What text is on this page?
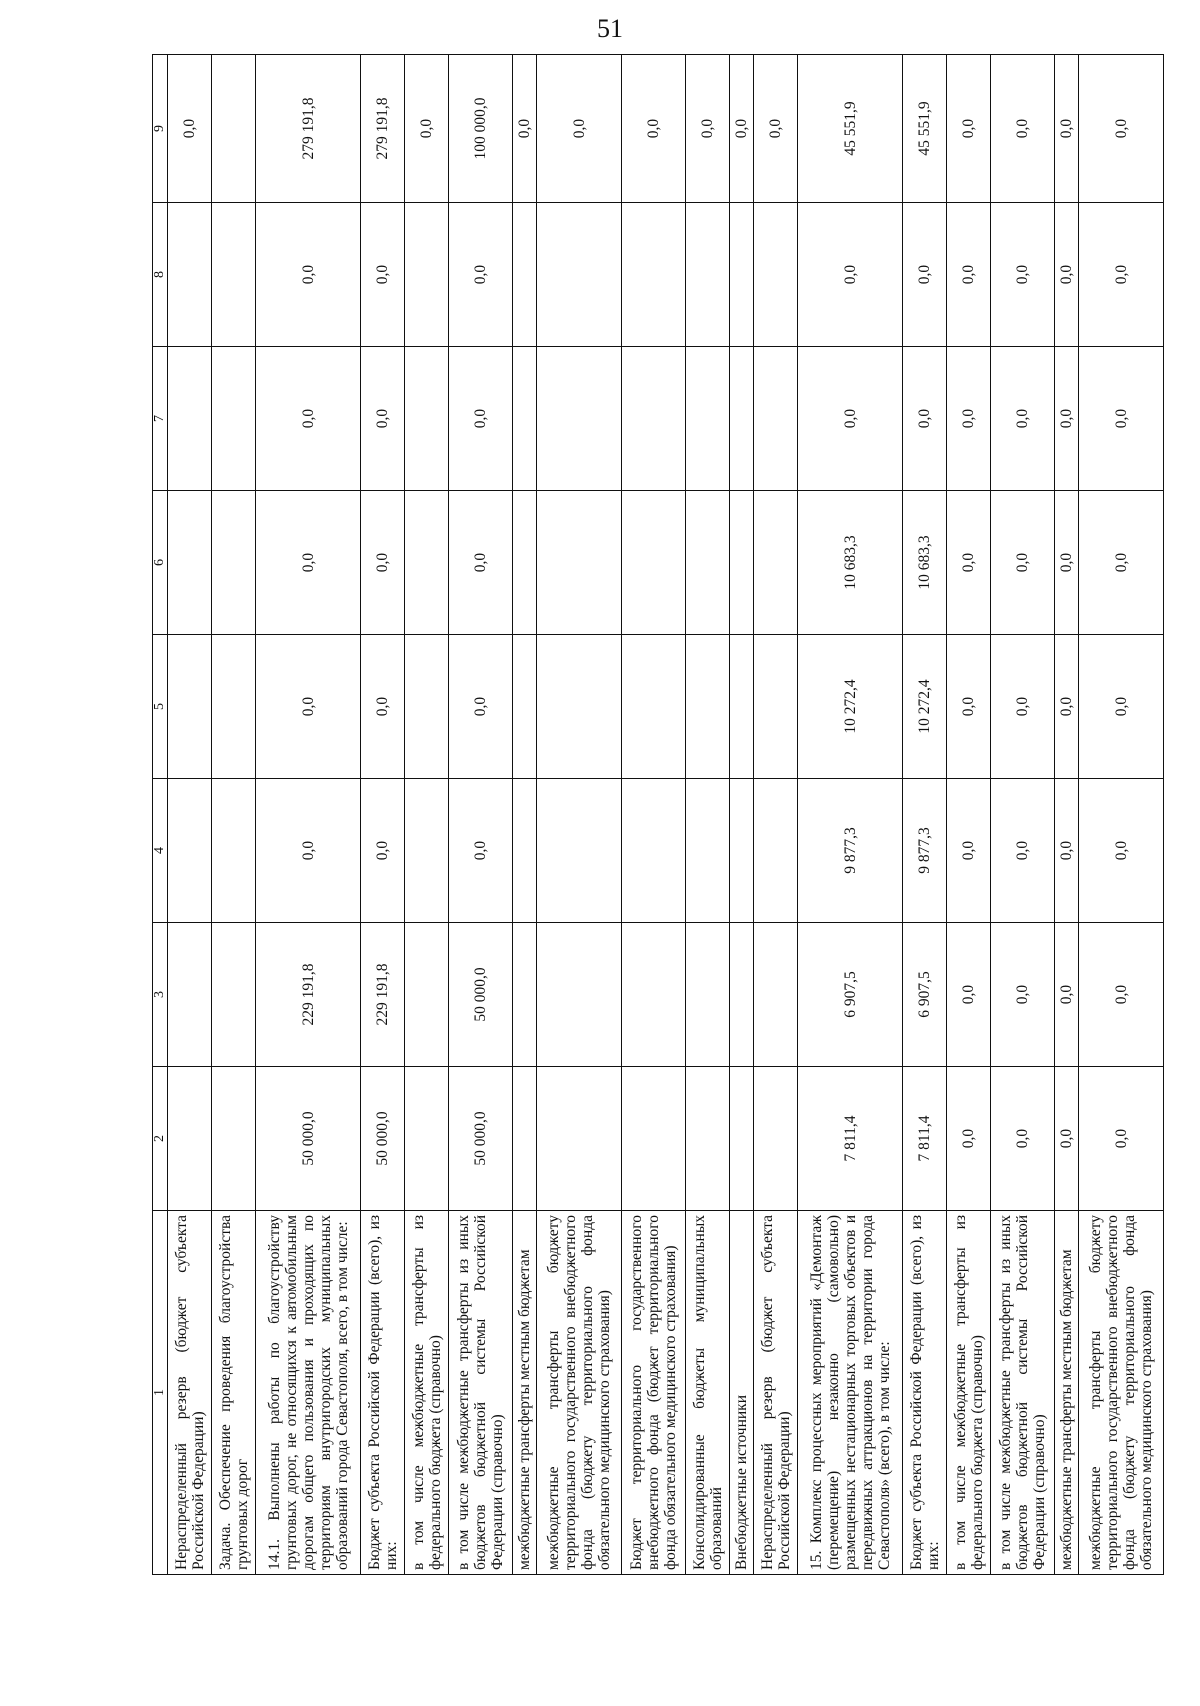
51
1	2	3	4	5	6	7	8	9
Нераспределенный резерв (бюджет субъекта Российской Федерации)								0,0
Задача. Обеспечение проведения благоустройства грунтовых дорог								
14.1. Выполнены работы по благоустройству грунтовых дорог, не относящихся к автомобильным дорогам общего пользования и проходящих по территориям внутригородских муниципальных образований города Севастополя, всего, в том числе:	50 000,0	229 191,8	0,0	0,0	0,0	0,0	0,0	279 191,8
Бюджет субъекта Российской Федерации (всего), из них:	50 000,0	229 191,8	0,0	0,0	0,0	0,0	0,0	279 191,8
в том числе межбюджетные трансферты из федерального бюджета (справочно)								0,0
в том числе межбюджетные трансферты из иных бюджетов бюджетной системы Российской Федерации (справочно)	50 000,0	50 000,0	0,0	0,0	0,0	0,0	0,0	100 000,0
межбюджетные трансферты местным бюджетам								0,0
межбюджетные трансферты бюджету территориального государственного внебюджетного фонда (бюджету территориального фонда обязательного медицинского страхования)								0,0
Бюджет территориального государственного внебюджетного фонда (бюджет территориального фонда обязательного медицинского страхования)								0,0
Консолидированные бюджеты муниципальных образований								0,0
Внебюджетные источники								0,0
Нераспределенный резерв (бюджет субъекта Российской Федерации)								0,0
15. Комплекс процессных мероприятий «Демонтаж (перемещение) незаконно (самовольно) размещенных нестационарных торговых объектов и передвижных аттракционов на территории города Севастополя» (всего), в том числе:	7 811,4	6 907,5	9 877,3	10 272,4	10 683,3	0,0	0,0	45 551,9
Бюджет субъекта Российской Федерации (всего), из них:	7 811,4	6 907,5	9 877,3	10 272,4	10 683,3	0,0	0,0	45 551,9
в том числе межбюджетные трансферты из федерального бюджета (справочно)	0,0	0,0	0,0	0,0	0,0	0,0	0,0	0,0
в том числе межбюджетные трансферты из иных бюджетов бюджетной системы Российской Федерации (справочно)	0,0	0,0	0,0	0,0	0,0	0,0	0,0	0,0
межбюджетные трансферты местным бюджетам	0,0	0,0	0,0	0,0	0,0	0,0	0,0	0,0
межбюджетные трансферты бюджету территориального государственного внебюджетного фонда (бюджету территориального фонда обязательного медицинского страхования)	0,0	0,0	0,0	0,0	0,0	0,0	0,0	0,0
